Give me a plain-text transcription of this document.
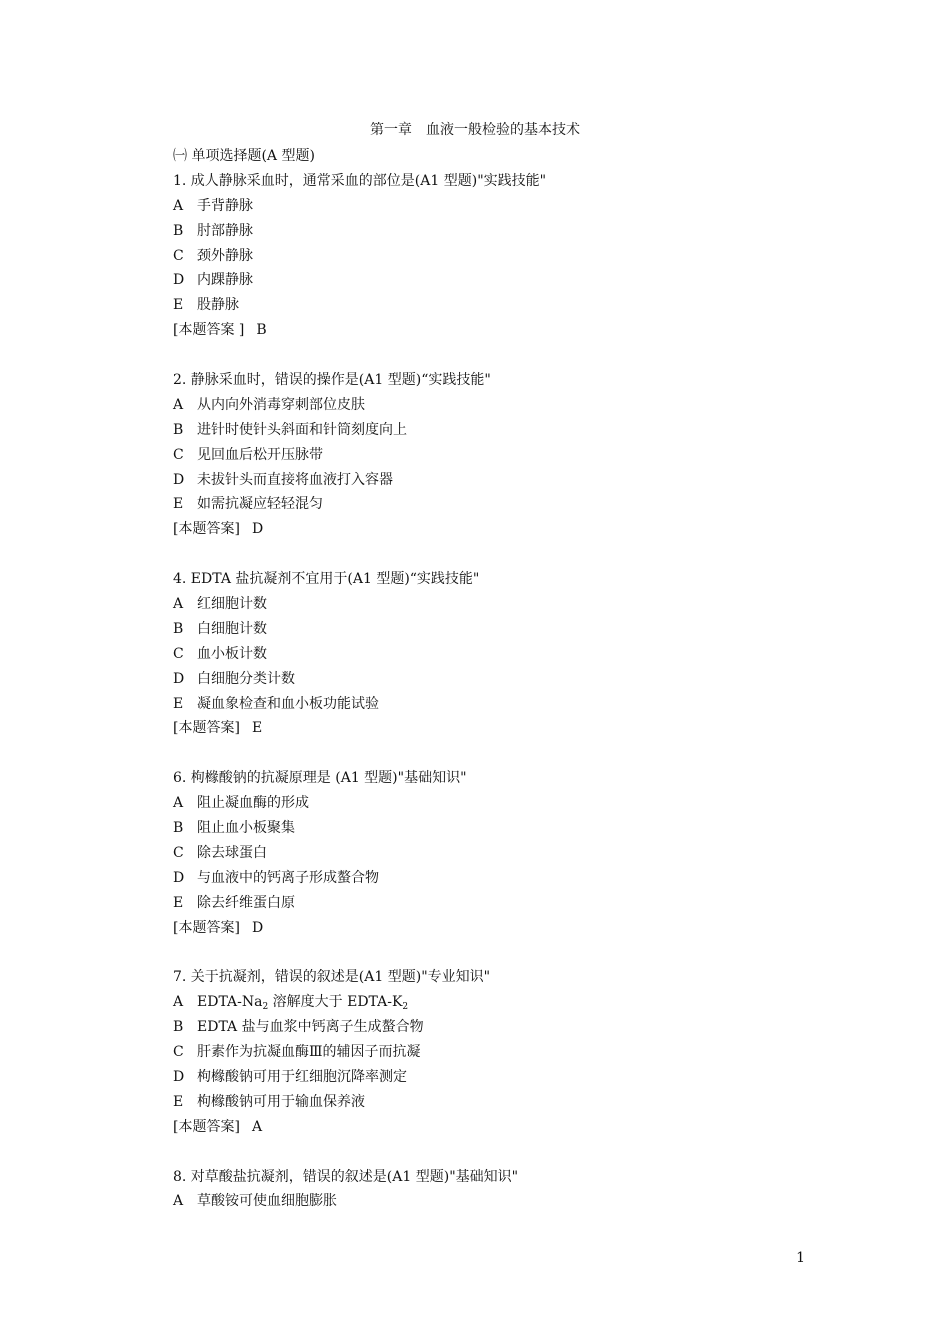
第一章　血液一般检验的基本技术
㈠ 单项选择题(A 型题)
1. 成人静脉采血时，通常采血的部位是(A1 型题)"实践技能"
A 手背静脉
B 肘部静脉
C 颈外静脉
D 内踝静脉
E 股静脉
[本题答案 ] B
2. 静脉采血时，错误的操作是(A1 型题)“实践技能"
A 从内向外消毒穿刺部位皮肤
B 进针时使针头斜面和针筒刻度向上
C 见回血后松开压脉带
D 未拔针头而直接将血液打入容器
E 如需抗凝应轻轻混匀
[本题答案] D
4. EDTA 盐抗凝剂不宜用于(A1 型题)“实践技能"
A 红细胞计数
B 白细胞计数
C 血小板计数
D 白细胞分类计数
E 凝血象检查和血小板功能试验
[本题答案] E
6. 枸橼酸钠的抗凝原理是 (A1 型题)"基础知识"
A 阻止凝血酶的形成
B 阻止血小板聚集
C 除去球蛋白
D 与血液中的钙离子形成螯合物
E 除去纤维蛋白原
[本题答案] D
7. 关于抗凝剂，错误的叙述是(A1 型题)"专业知识"
A EDTA-$Na_2$ 溶解度大于 EDTA-$K_2$
B EDTA 盐与血浆中钙离子生成螯合物
C 肝素作为抗凝血酶Ⅲ的辅因子而抗凝
D 枸橼酸钠可用于红细胞沉降率测定
E 枸橼酸钠可用于输血保养液
[本题答案] A
8. 对草酸盐抗凝剂，错误的叙述是(A1 型题)"基础知识"
A 草酸铵可使血细胞膨胀
1
